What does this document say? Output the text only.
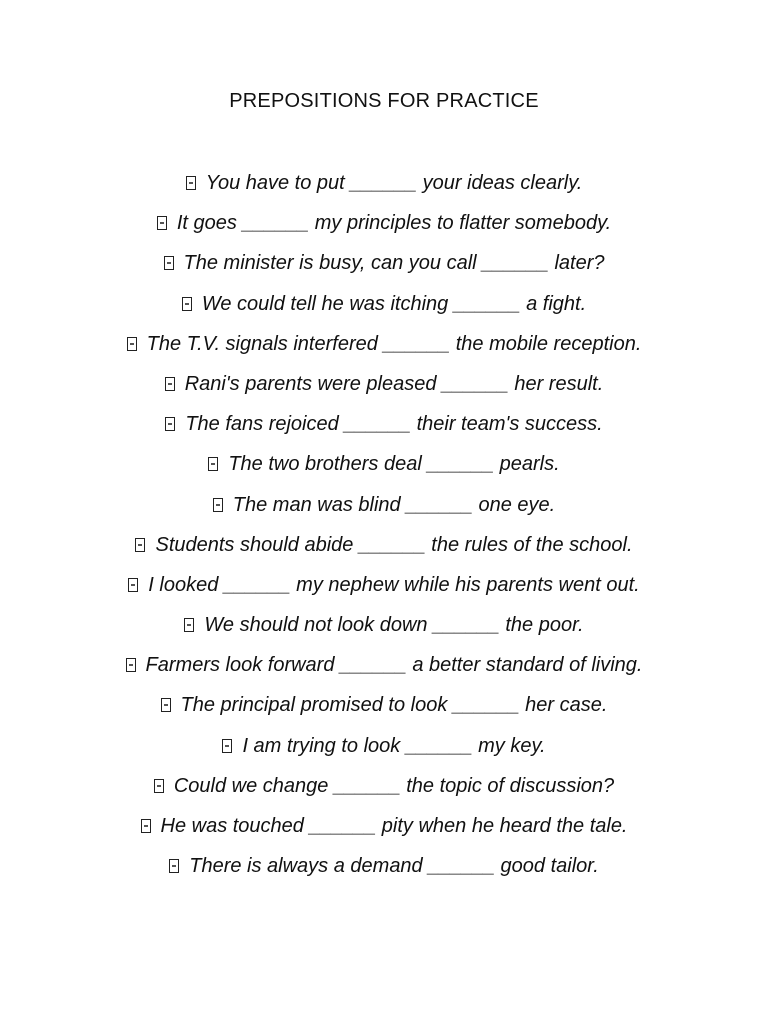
PREPOSITIONS FOR PRACTICE
You have to put ______ your ideas clearly.
It goes ______ my principles to flatter somebody.
The minister is busy, can you call ______ later?
We could tell he was itching ______ a fight.
The T.V. signals interfered ______ the mobile reception.
Rani's parents were pleased ______ her result.
The fans rejoiced ______ their team's success.
The two brothers deal ______ pearls.
The man was blind ______ one eye.
Students should abide ______ the rules of the school.
I looked ______ my nephew while his parents went out.
We should not look down ______ the poor.
Farmers look forward ______ a better standard of living.
The principal promised to look ______ her case.
I am trying to look ______ my key.
Could we change ______ the topic of discussion?
He was touched ______ pity when he heard the tale.
There is always a demand ______ good tailor.
